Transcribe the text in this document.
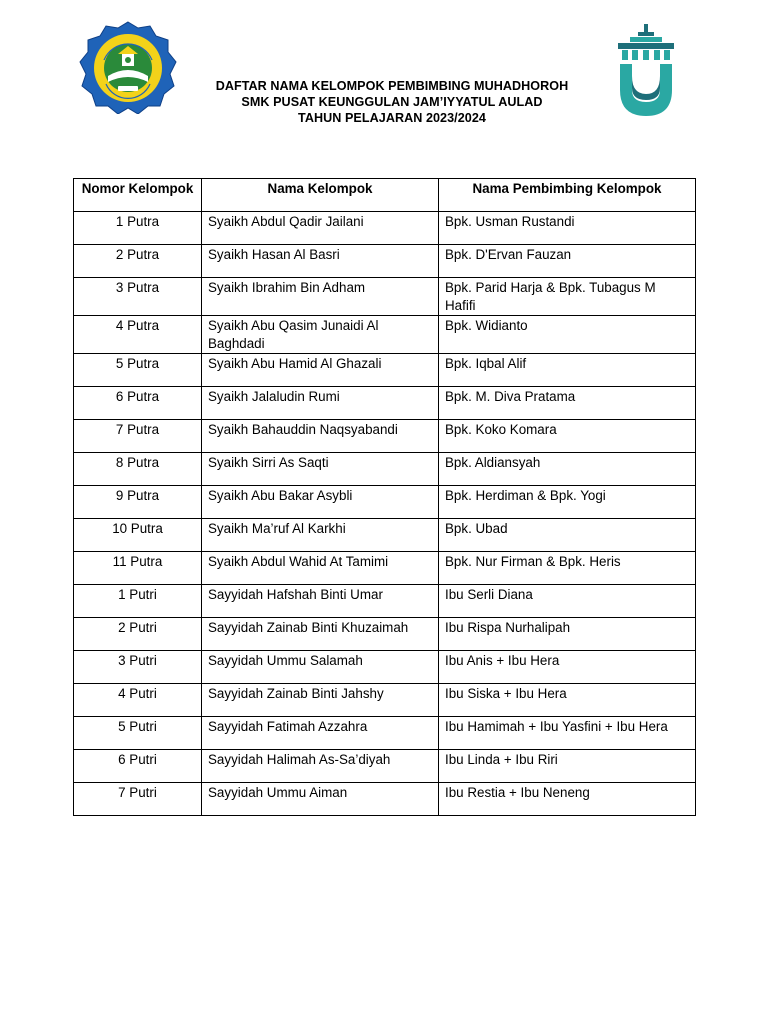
DAFTAR NAMA KELOMPOK PEMBIMBING MUHADHOROH
SMK PUSAT KEUNGGULAN JAM’IYYATUL AULAD
TAHUN PELAJARAN 2023/2024
Nomor Kelompok	Nama Kelompok	Nama Pembimbing Kelompok
1 Putra	Syaikh Abdul Qadir Jailani	Bpk. Usman Rustandi
2 Putra	Syaikh Hasan Al Basri	Bpk. D'Ervan Fauzan
3 Putra	Syaikh Ibrahim Bin Adham	Bpk. Parid Harja & Bpk. Tubagus M Hafifi
4 Putra	Syaikh Abu Qasim Junaidi Al Baghdadi	Bpk. Widianto
5 Putra	Syaikh Abu Hamid Al Ghazali	Bpk. Iqbal Alif
6 Putra	Syaikh Jalaludin Rumi	Bpk. M. Diva Pratama
7 Putra	Syaikh Bahauddin Naqsyabandi	Bpk. Koko Komara
8 Putra	Syaikh Sirri As Saqti	Bpk. Aldiansyah
9 Putra	Syaikh Abu Bakar Asybli	Bpk. Herdiman & Bpk. Yogi
10 Putra	Syaikh Ma’ruf Al Karkhi	Bpk. Ubad
11 Putra	Syaikh Abdul Wahid At Tamimi	Bpk. Nur Firman & Bpk. Heris
1 Putri	Sayyidah Hafshah Binti Umar	Ibu Serli Diana
2 Putri	Sayyidah Zainab Binti Khuzaimah	Ibu Rispa Nurhalipah
3 Putri	Sayyidah Ummu Salamah	Ibu Anis + Ibu Hera
4 Putri	Sayyidah Zainab Binti Jahshy	Ibu Siska + Ibu Hera
5 Putri	Sayyidah Fatimah Azzahra	Ibu Hamimah + Ibu Yasfini + Ibu Hera
6 Putri	Sayyidah Halimah As-Sa’diyah	Ibu Linda + Ibu Riri
7 Putri	Sayyidah Ummu Aiman	Ibu Restia + Ibu Neneng
